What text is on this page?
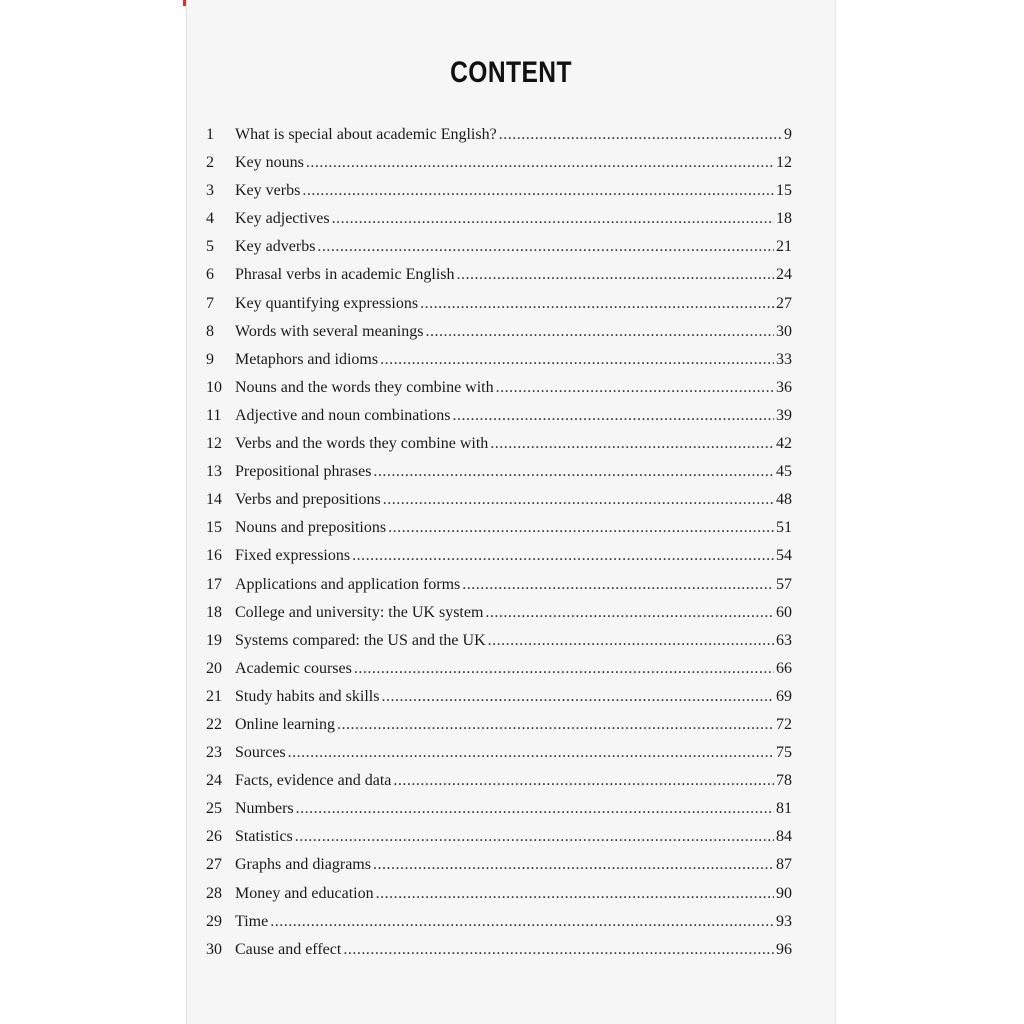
CONTENT
1	What is special about academic English? .....	9
2	Key nouns .....	12
3	Key verbs .....	15
4	Key adjectives .....	18
5	Key adverbs .....	21
6	Phrasal verbs in academic English .....	24
7	Key quantifying expressions .....	27
8	Words with several meanings .....	30
9	Metaphors and idioms .....	33
10 Nouns and the words they combine with .....	36
11 Adjective and noun combinations .....	39
12 Verbs and the words they combine with .....	42
13 Prepositional phrases .....	45
14 Verbs and prepositions .....	48
15 Nouns and prepositions .....	51
16 Fixed expressions .....	54
17 Applications and application forms .....	57
18 College and university: the UK system .....	60
19 Systems compared: the US and the UK .....	63
20 Academic courses .....	66
21 Study habits and skills .....	69
22 Online learning .....	72
23 Sources .....	75
24 Facts, evidence and data .....	78
25 Numbers .....	81
26 Statistics .....	84
27 Graphs and diagrams .....	87
28 Money and education .....	90
29 Time .....	93
30 Cause and effect .....	96
